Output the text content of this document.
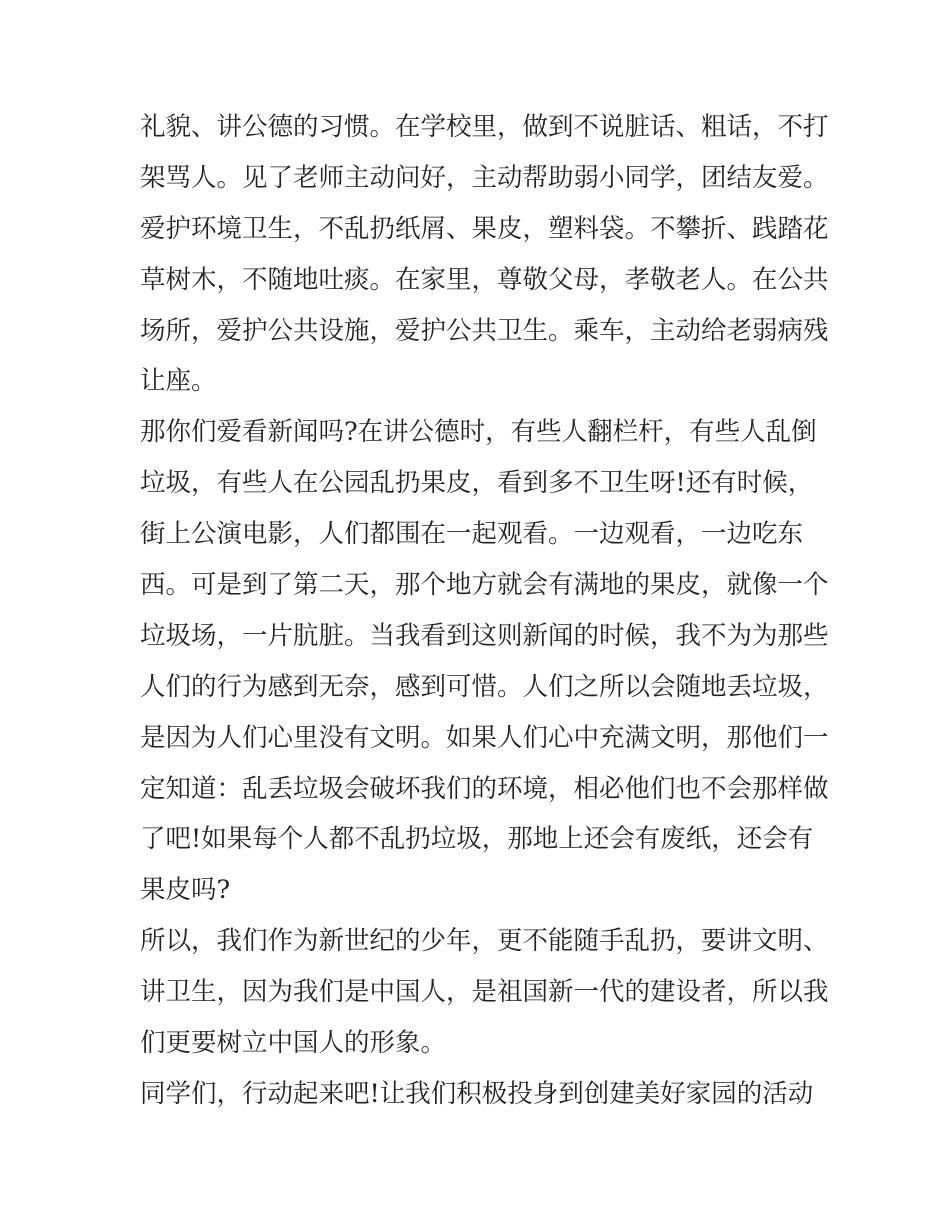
礼貌、讲公德的习惯。在学校里，做到不说脏话、粗话，不打
架骂人。见了老师主动问好，主动帮助弱小同学，团结友爱。
爱护环境卫生，不乱扔纸屑、果皮，塑料袋。不攀折、践踏花
草树木，不随地吐痰。在家里，尊敬父母，孝敬老人。在公共
场所，爱护公共设施，爱护公共卫生。乘车，主动给老弱病残
让座。
那你们爱看新闻吗?在讲公德时，有些人翻栏杆，有些人乱倒
垃圾，有些人在公园乱扔果皮，看到多不卫生呀!还有时候，
街上公演电影，人们都围在一起观看。一边观看，一边吃东
西。可是到了第二天，那个地方就会有满地的果皮，就像一个
垃圾场，一片肮脏。当我看到这则新闻的时候，我不为为那些
人们的行为感到无奈，感到可惜。人们之所以会随地丢垃圾，
是因为人们心里没有文明。如果人们心中充满文明，那他们一
定知道：乱丢垃圾会破坏我们的环境，相必他们也不会那样做
了吧!如果每个人都不乱扔垃圾，那地上还会有废纸，还会有
果皮吗?
所以，我们作为新世纪的少年，更不能随手乱扔，要讲文明、
讲卫生，因为我们是中国人，是祖国新一代的建设者，所以我
们更要树立中国人的形象。
同学们，行动起来吧!让我们积极投身到创建美好家园的活动
